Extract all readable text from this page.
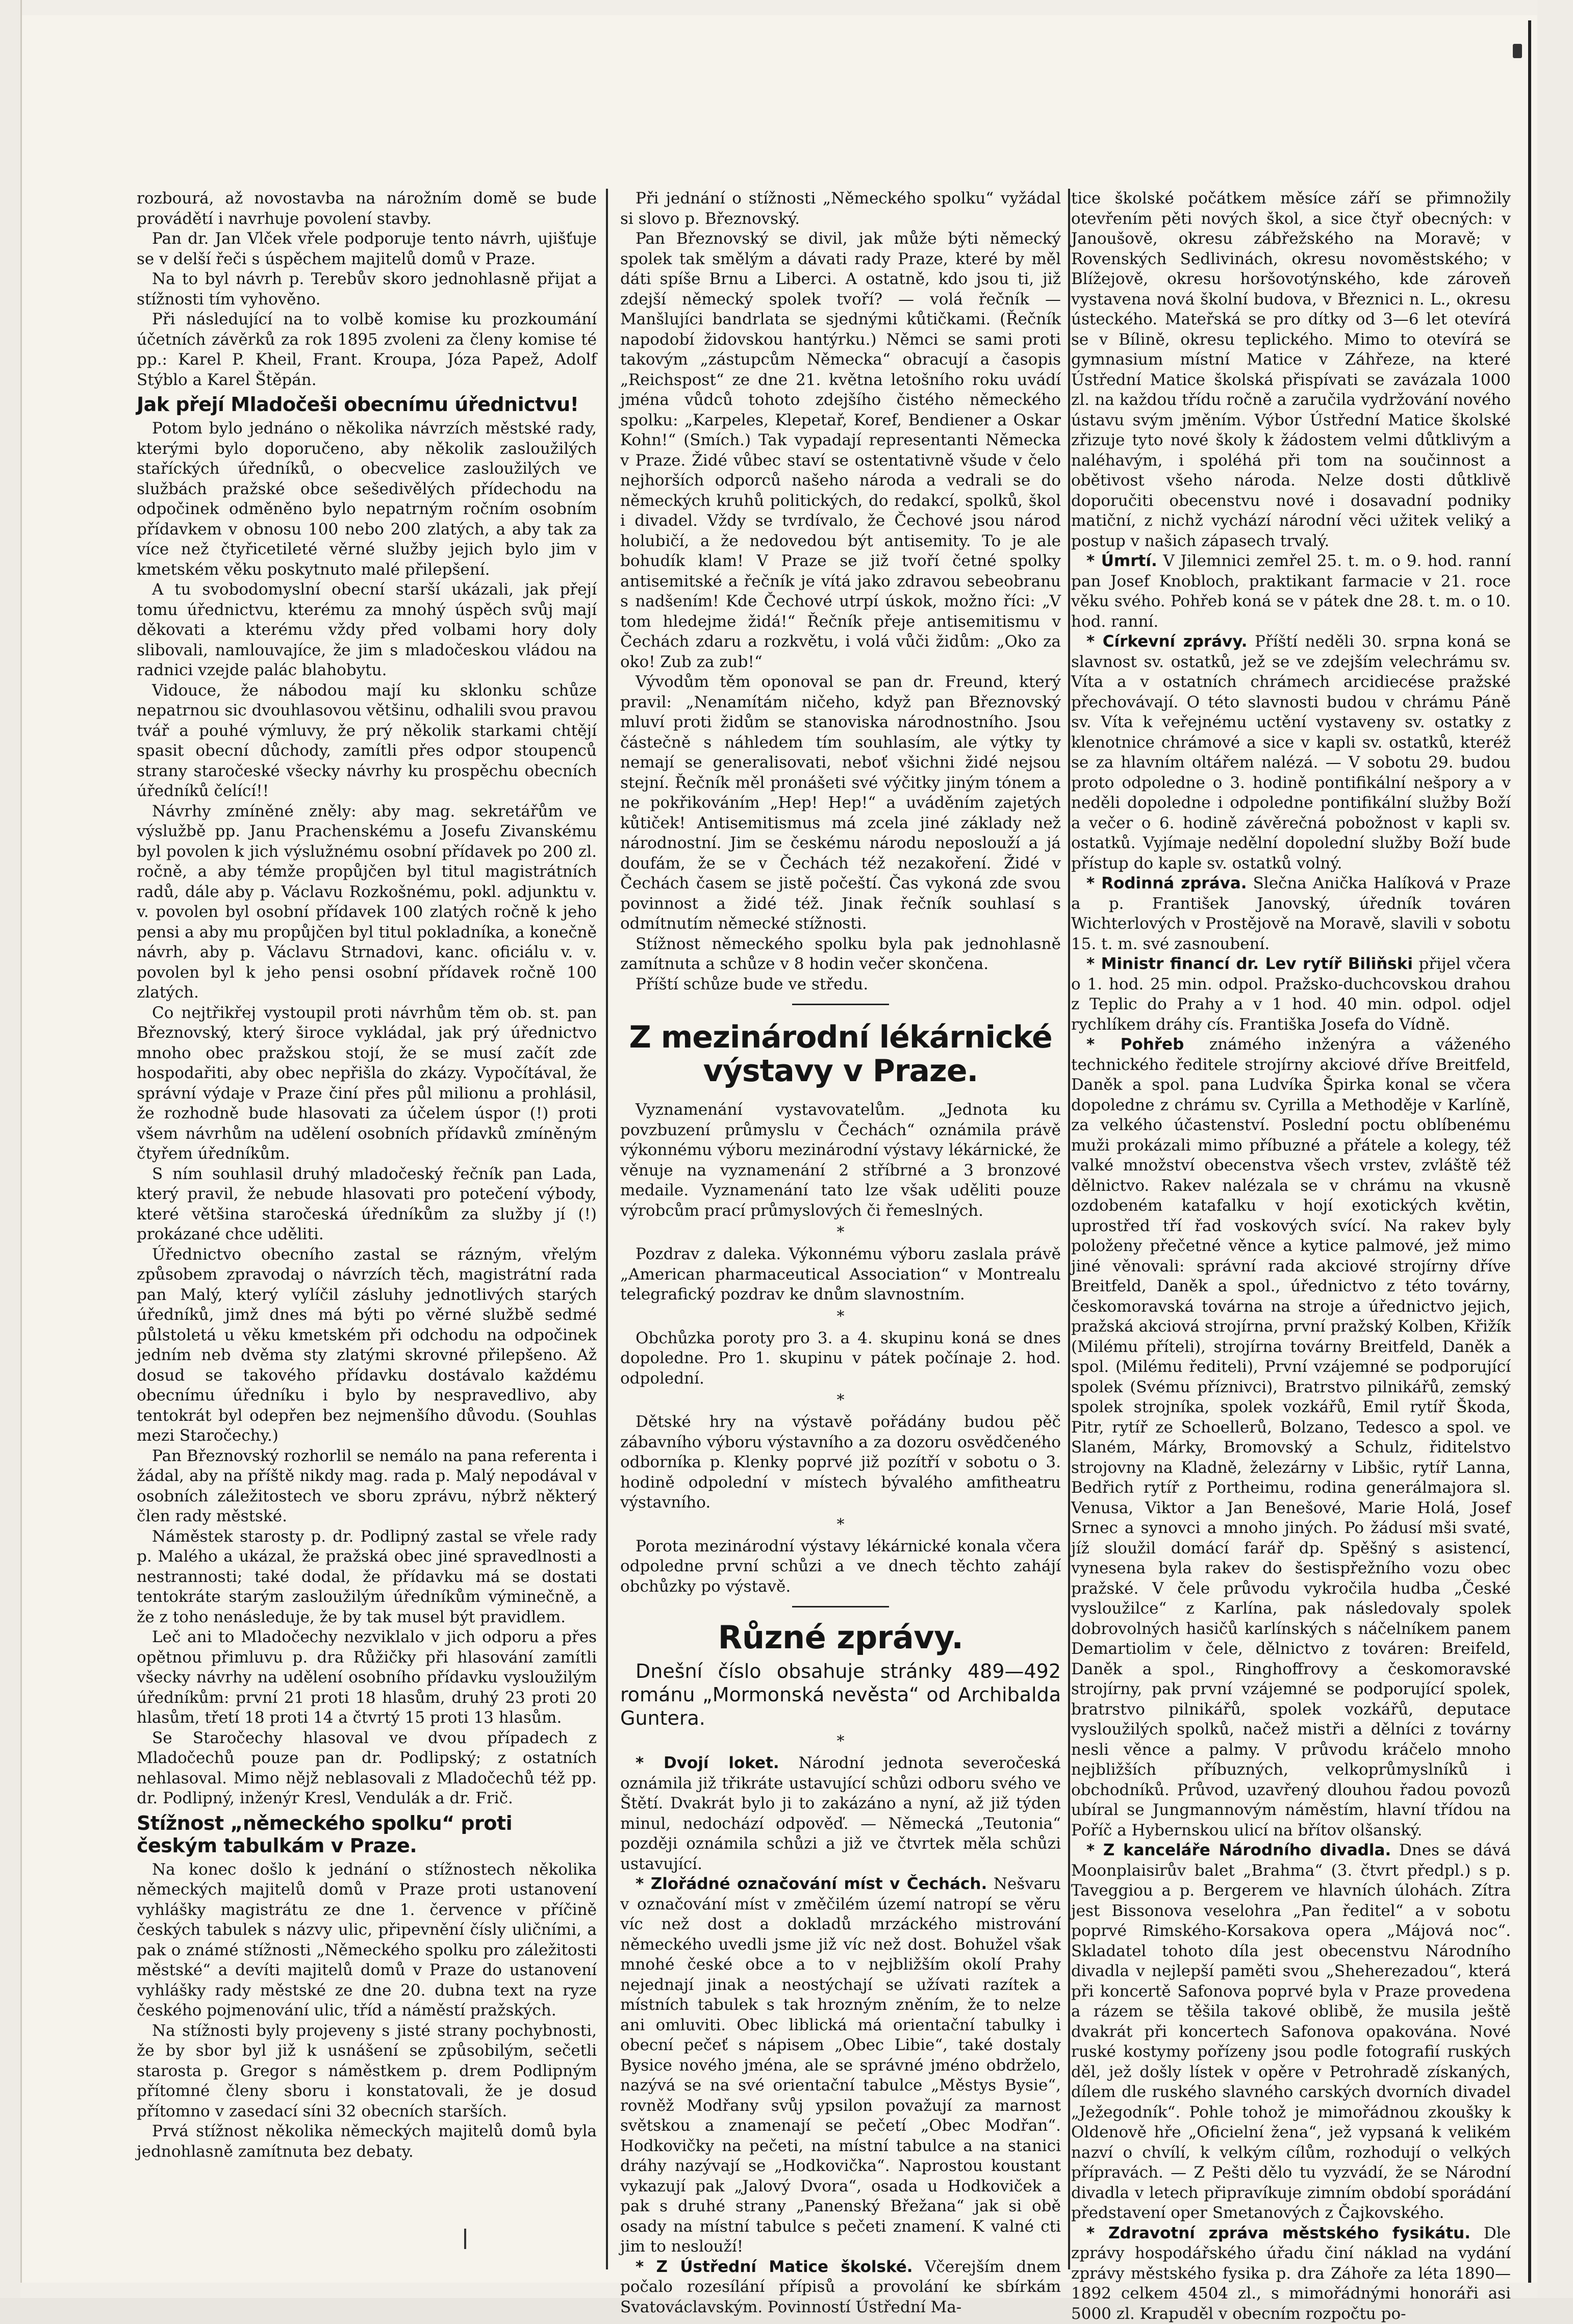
rozbourá, až novostavba na nárožním domě se bude provádětí i navrhuje povolení stavby.

Pan dr. Jan Vlček vřele podporuje tento návrh, ujišťuje se v delší řeči s úspěchem majitelů domů v Praze.

Na to byl návrh p. Terebův skoro jednohlasně přijat a stížnosti tím vyhověno.

Při následující na to volbě komise ku prozkoumání účetních závěrků za rok 1895 zvoleni za členy komise té pp.: Karel P. Kheil, Frant. Kroupa, Józa Papež, Adolf Stýblo a Karel Štěpán.

Jak přejí Mladočeši obecnímu úřednictvu!

Potom bylo jednáno o několika návrzích městské rady, kterými bylo doporučeno, aby několik zasloužilých staříckých úředníků, o obecvelice zasloužilých ve službách pražské obce sešedivělých přídechodu na odpočinek odměněno bylo nepatrným ročním osobním přídavkem v obnosu 100 nebo 200 zlatých, a aby tak za více než čtyřicetileté věrné služby jejich bylo jim v kmetském věku poskytnuto malé přilepšení.

A tu svobodomyslní obecní starší ukázali, jak přejí tomu úřednictvu, kterému za mnohý úspěch svůj mají děkovati a kterému vždy před volbami hory doly slibovali, namlouvajíce, že jim s mladočeskou vládou na radnici vzejde palác blahobytu.

Vidouce, že nábodou mají ku sklonku schůze nepatrnou sic dvouhlasovou většinu, odhalili svou pravou tvář a pouhé výmluvy, že prý několik starkami chtějí spasit obecní důchody, zamítli přes odpor stoupenců strany staročeské všecky návrhy ku prospěchu obecních úředníků čelící!!

Návrhy zmíněné zněly: aby mag. sekretářům ve výslužbě pp. Janu Prachenskému a Josefu Zivanskému byl povolen k jich výslužnému osobní přídavek po 200 zl. ročně, a aby témže propůjčen byl titul magistrátních radů, dále aby p. Václavu Rozkošnému, pokl. adjunktu v. v. povolen byl osobní přídavek 100 zlatých ročně k jeho pensi a aby mu propůjčen byl titul pokladníka, a konečně návrh, aby p. Václavu Strnadovi, kanc. oficiálu v. v. povolen byl k jeho pensi osobní přídavek ročně 100 zlatých.

Co nejtřikřej vystoupil proti návrhům těm ob. st. pan Březnovský, který široce vykládal, jak prý úřednictvo mnoho obec pražskou stojí, že se musí začít zde hospodařiti, aby obec nepřišla do zkázy. Vypočítával, že správní výdaje v Praze činí přes půl milionu a prohlásil, že rozhodně bude hlasovati za účelem úspor (!) proti všem návrhům na udělení osobních přídavků zmíněným čtyřem úředníkům.

S ním souhlasil druhý mladočeský řečník pan Lada, který pravil, že nebude hlasovati pro potečení výbody, které většina staročeská úředníkům za služby jí (!) prokázané chce uděliti.

Úřednictvo obecního zastal se rázným, vřelým způsobem zpravodaj o návrzích těch, magistrátní rada pan Malý, který vylíčil zásluhy jednotlivých starých úředníků, jimž dnes má býti po věrné službě sedmé půlstoletá u věku kmetském při odchodu na odpočinek jedním neb dvěma sty zlatými skrovné přilepšeno. Až dosud se takového přídavku dostávalo každému obecnímu úředníku i bylo by nespravedlivo, aby tentokrát byl odepřen bez nejmenšího důvodu. (Souhlas mezi Staročechy.)

Pan Březnovský rozhorlil se nemálo na pana referenta i žádal, aby na příště nikdy mag. rada p. Malý nepodával v osobních záležitostech ve sboru zprávu, nýbrž některý člen rady městské.

Náměstek starosty p. dr. Podlipný zastal se vřele rady p. Malého a ukázal, že pražská obec jiné spravedlnosti a nestrannosti; také dodal, že přídavku má se dostati tentokráte starým zasloužilým úředníkům výminečně, a že z toho nenásleduje, že by tak musel být pravidlem.

Leč ani to Mladočechy nezviklalo v jich odporu a přes opětnou přimluvu p. dra Růžičky při hlasování zamítli všecky návrhy na udělení osobního přídavku vysloužilým úředníkům: první 21 proti 18 hlasům, druhý 23 proti 20 hlasům, třetí 18 proti 14 a čtvrtý 15 proti 13 hlasům.

Se Staročechy hlasoval ve dvou případech z Mladočechů pouze pan dr. Podlipský; z ostatních nehlasoval. Mimo nějž neblasovali z Mladočechů též pp. dr. Podlipný, inženýr Kresl, Vendulák a dr. Frič.

Stížnost „německého spolku“ proti českým tabulkám v Praze.

Na konec došlo k jednání o stížnostech několika německých majitelů domů v Praze proti ustanovení vyhlášky magistrátu ze dne 1. července v příčině českých tabulek s názvy ulic, připevnění čísly uličními, a pak o známé stížnosti „Německého spolku pro záležitosti městské“ a devíti majitelů domů v Praze do ustanovení vyhlášky rady městské ze dne 20. dubna text na ryze českého pojmenování ulic, tříd a náměstí pražských.

Na stížnosti byly projeveny s jisté strany pochybnosti, že by sbor byl již k usnášení se způsobilým, sečetli starosta p. Gregor s náměstkem p. drem Podlipným přítomné členy sboru i konstatovali, že je dosud přítomno v zasedací síni 32 obecních starších.

Prvá stížnost několika německých majitelů domů byla jednohlasně zamítnuta bez debaty.

Při jednání o stížnosti „Německého spolku“ vyžádal si slovo p. Březnovský.

Pan Březnovský se divil, jak může býti německý spolek tak smělým a dávati rady Praze, které by měl dáti spíše Brnu a Liberci. A ostatně, kdo jsou ti, již zdejší německý spolek tvoří? — volá řečník — Manšlujíci bandrlata se sjednými kůtičkami. (Řečník napodobí židovskou hantýrku.) Němci se sami proti takovým „zástupcům Německa“ obracují a časopis „Reichspost“ ze dne 21. května letošního roku uvádí jména vůdců tohoto zdejšího čistého německého spolku: „Karpeles, Klepetař, Koref, Bendiener a Oskar Kohn!“ (Smích.) Tak vypadají representanti Německa v Praze. Židé vůbec staví se ostentativně všude v čelo nejhorších odporců našeho národa a vedrali se do německých kruhů politických, do redakcí, spolků, škol i divadel. Vždy se tvrdívalo, že Čechové jsou národ holubičí, a že nedovedou být antisemity. To je ale bohudík klam! V Praze se již tvoří četné spolky antisemitské a řečník je vítá jako zdravou sebeobranu s nadšením! Kde Čechové utrpí úskok, možno říci: „V tom hledejme židá!“ Řečník přeje antisemitismu v Čechách zdaru a rozkvětu, i volá vůči židům: „Oko za oko! Zub za zub!“

Vývodům těm oponoval se pan dr. Freund, který pravil: „Nenamítám ničeho, když pan Březnovský mluví proti židům se stanoviska národnostního. Jsou částečně s náhledem tím souhlasím, ale výtky ty nemají se generalisovati, neboť všichni židé nejsou stejní. Řečník měl pronášeti své výčitky jiným tónem a ne pokřikováním „Hep! Hep!“ a uváděním zajetých kůtiček! Antisemitismus má zcela jiné základy než národnostní. Jim se českému národu neposlouží a já doufám, že se v Čechách též nezakoření. Židé v Čechách časem se jistě počeští. Čas vykoná zde svou povinnost a židé též. Jinak řečník souhlasí s odmítnutím německé stížnosti.

Stížnost německého spolku byla pak jednohlasně zamítnuta a schůze v 8 hodin večer skončena.

Příští schůze bude ve středu.

Z mezinárodní lékárnické výstavy v Praze.

Vyznamenání vystavovatelům. „Jednota ku povzbuzení průmyslu v Čechách“ oznámila právě výkonnému výboru mezinárodní výstavy lékárnické, že věnuje na vyznamenání 2 stříbrné a 3 bronzové medaile. Vyznamenání tato lze však uděliti pouze výrobcům prací průmyslových či řemeslných.

*

Pozdrav z daleka. Výkonnému výboru zaslala právě „American pharmaceutical Association“ v Montrealu telegrafický pozdrav ke dnům slavnostním.

*

Obchůzka poroty pro 3. a 4. skupinu koná se dnes dopoledne. Pro 1. skupinu v pátek počínaje 2. hod. odpolední.

*

Dětské hry na výstavě pořádány budou pěč zábavního výboru výstavního a za dozoru osvědčeného odborníka p. Klenky poprvé již pozítří v sobotu o 3. hodině odpolední v místech bývalého amfitheatru výstavního.

*

Porota mezinárodní výstavy lékárnické konala včera odpoledne první schůzi a ve dnech těchto zahájí obchůzky po výstavě.

Různé zprávy.

Dnešní číslo obsahuje stránky 489—492 románu „Mormonská nevěsta“ od Archibalda Guntera.

*

* Dvojí loket. Národní jednota severočeská oznámila již třikráte ustavující schůzi odboru svého ve Štětí. Dvakrát bylo ji to zakázáno a nyní, až již týden minul, nedochází odpověď. — Německá „Teutonia“ později oznámila schůzi a již ve čtvrtek měla schůzi ustavující.

* Zlořádné označování míst v Čechách. Nešvaru v označování míst v změčilém území natropí se věru víc než dost a dokladů mrzáckého mistrování německého uvedli jsme již víc než dost. Bohužel však mnohé české obce a to v nejbližším okolí Prahy nejednají jinak a neostýchají se užívati razítek a místních tabulek s tak hrozným zněním, že to nelze ani omluviti. Obec liblická má orientační tabulky i obecní pečeť s nápisem „Obec Libie“, také dostaly Bysice nového jména, ale se správné jméno obdrželo, nazývá se na své orientační tabulce „Městys Bysie“, rovněž Modřany svůj ypsilon považují za marnost světskou a znamenají se pečetí „Obec Modřan“. Hodkovičky na pečeti, na místní tabulce a na stanici dráhy nazývají se „Hodkovička“. Naprostou koustant vykazují pak „Jalový Dvora“, osada u Hodkoviček a pak s druhé strany „Panenský Břežana“ jak si obě osady na místní tabulce s pečeti znamení. K valné cti jim to neslouží!

* Z Ústřední Matice školské. Včerejším dnem počalo rozesílání přípisů a provolání ke sbírkám Svatováclavským. Povinností Ústřední Ma-

tice školské počátkem měsíce září se přimnožily otevřením pěti nových škol, a sice čtyř obecných: v Janoušově, okresu zábřežského na Moravě; v Rovenských Sedlivinách, okresu novoměstského; v Blížejově, okresu horšovotýnského, kde zároveň vystavena nová školní budova, v Březnici n. L., okresu ústeckého. Mateřská se pro dítky od 3—6 let otevírá se v Bílině, okresu teplického. Mimo to otevírá se gymnasium místní Matice v Záhřeze, na které Ústřední Matice školská přispívati se zavázala 1000 zl. na každou třídu ročně a zaručila vydržování nového ústavu svým jměním. Výbor Ústřední Matice školské zřizuje tyto nové školy k žádostem velmi důtklivým a naléhavým, i spoléhá při tom na součinnost a obětivost všeho národa. Nelze dosti důtklivě doporučiti obecenstvu nové i dosavadní podniky matiční, z nichž vychází národní věci užitek veliký a postup v našich zápasech trvalý.

* Úmrtí. V Jilemnici zemřel 25. t. m. o 9. hod. ranní pan Josef Knobloch, praktikant farmacie v 21. roce věku svého. Pohřeb koná se v pátek dne 28. t. m. o 10. hod. ranní.

* Církevní zprávy. Příští neděli 30. srpna koná se slavnost sv. ostatků, jež se ve zdejším velechrámu sv. Víta a v ostatních chrámech arcidiecése pražské přechovávají. O této slavnosti budou v chrámu Páně sv. Víta k veřejnému uctění vystaveny sv. ostatky z klenotnice chrámové a sice v kapli sv. ostatků, kteréž se za hlavním oltářem nalézá. — V sobotu 29. budou proto odpoledne o 3. hodině pontifikální nešpory a v neděli dopoledne i odpoledne pontifikální služby Boží a večer o 6. hodině závěrečná pobožnost v kapli sv. ostatků. Vyjímaje nedělní dopolední služby Boží bude přístup do kaple sv. ostatků volný.

* Rodinná zpráva. Slečna Anička Halíková v Praze a p. František Janovský, úředník továren Wichterlových v Prostějově na Moravě, slavili v sobotu 15. t. m. své zasnoubení.

* Ministr financí dr. Lev rytíř Biliňski přijel včera o 1. hod. 25 min. odpol. Pražsko-duchcovskou drahou z Teplic do Prahy a v 1 hod. 40 min. odpol. odjel rychlíkem dráhy cís. Františka Josefa do Vídně.

* Pohřeb známého inženýra a váženého technického ředitele strojírny akciové dříve Breitfeld, Daněk a spol. pana Ludvíka Špirka konal se včera dopoledne z chrámu sv. Cyrilla a Methoděje v Karlíně, za velkého účastenství. Poslední poctu oblíbenému muži prokázali mimo příbuzné a přátele a kolegy, též valké množství obecenstva všech vrstev, zvláště též dělnictvo. Rakev nalézala se v chrámu na vkusně ozdobeném katafalku v hojí exotických květin, uprostřed tří řad voskových svící. Na rakev byly položeny přečetné věnce a kytice palmové, jež mimo jiné věnovali: správní rada akciové strojírny dříve Breitfeld, Daněk a spol., úřednictvo z této továrny, českomoravská továrna na stroje a úřednictvo jejich, pražská akciová strojírna, první pražský Kolben, Křižík (Milému příteli), strojírna továrny Breitfeld, Daněk a spol. (Milému řediteli), První vzájemné se podporující spolek (Svému příznivci), Bratrstvo pilnikářů, zemský spolek strojníka, spolek vozkářů, Emil rytíř Škoda, Pitr, rytíř ze Schoellerů, Bolzano, Tedesco a spol. ve Slaném, Márky, Bromovský a Schulz, řiditelstvo strojovny na Kladně, železárny v Libšic, rytíř Lanna, Bedřich rytíř z Portheimu, rodina generálmajora sl. Venusa, Viktor a Jan Benešové, Marie Holá, Josef Srnec a synovci a mnoho jiných. Po žádusí mši svaté, jíž sloužil domácí farář dp. Spěšný s asistencí, vynesena byla rakev do šestispřežního vozu obec pražské. V čele průvodu vykročila hudba „České vysloužilce“ z Karlína, pak následovaly spolek dobrovolných hasičů karlínských s náčelníkem panem Demartiolim v čele, dělnictvo z továren: Breifeld, Daněk a spol., Ringhoffrovy a českomoravské strojírny, pak první vzájemné se podporující spolek, bratrstvo pilnikářů, spolek vozkářů, deputace vysloužilých spolků, načež mistři a dělníci z továrny nesli věnce a palmy. V průvodu kráčelo mnoho nejbližších příbuzných, velkoprůmyslníků i obchodníků. Průvod, uzavřený dlouhou řadou povozů ubíral se Jungmannovým náměstím, hlavní třídou na Poříč a Hybernskou ulicí na břítov olšanský.

* Z kanceláře Národního divadla. Dnes se dává Moonplaisirův balet „Brahma“ (3. čtvrt předpl.) s p. Taveggiou a p. Bergerem ve hlavních úlohách. Zítra jest Bissonova veselohra „Pan ředitel“ a v sobotu poprvé Rimského-Korsakova opera „Májová noc“. Skladatel tohoto díla jest obecenstvu Národního divadla v nejlepší paměti svou „Sheherezadou“, která při koncertě Safonova poprvé byla v Praze provedena a rázem se těšila takové oblibě, že musila ještě dvakrát při koncertech Safonova opakována. Nové ruské kostymy pořízeny jsou podle fotografií ruských děl, jež došly lístek v opěre v Petrohradě získaných, dílem dle ruského slavného carských dvorních divadel „Ježegodník“. Pohle tohož je mimořádnou zkoušky k Oldenově hře „Oficielní žena“, jež vypsaná k velikém nazví o chvílí, k velkým cílům, rozhodují o velkých přípravách. — Z Pešti dělo tu vyzvádí, že se Národní divadla v letech připravíkuje zimním období sporádání představení oper Smetanových z Čajkovského.

* Zdravotní zpráva městského fysikátu. Dle zprávy hospodářského úřadu činí náklad na vydání zprávy městského fysika p. dra Záhoře za léta 1890—1892 celkem 4504 zl., s mimořádnými honoráři asi 5000 zl. Krapuděl v obecním rozpočtu po-
